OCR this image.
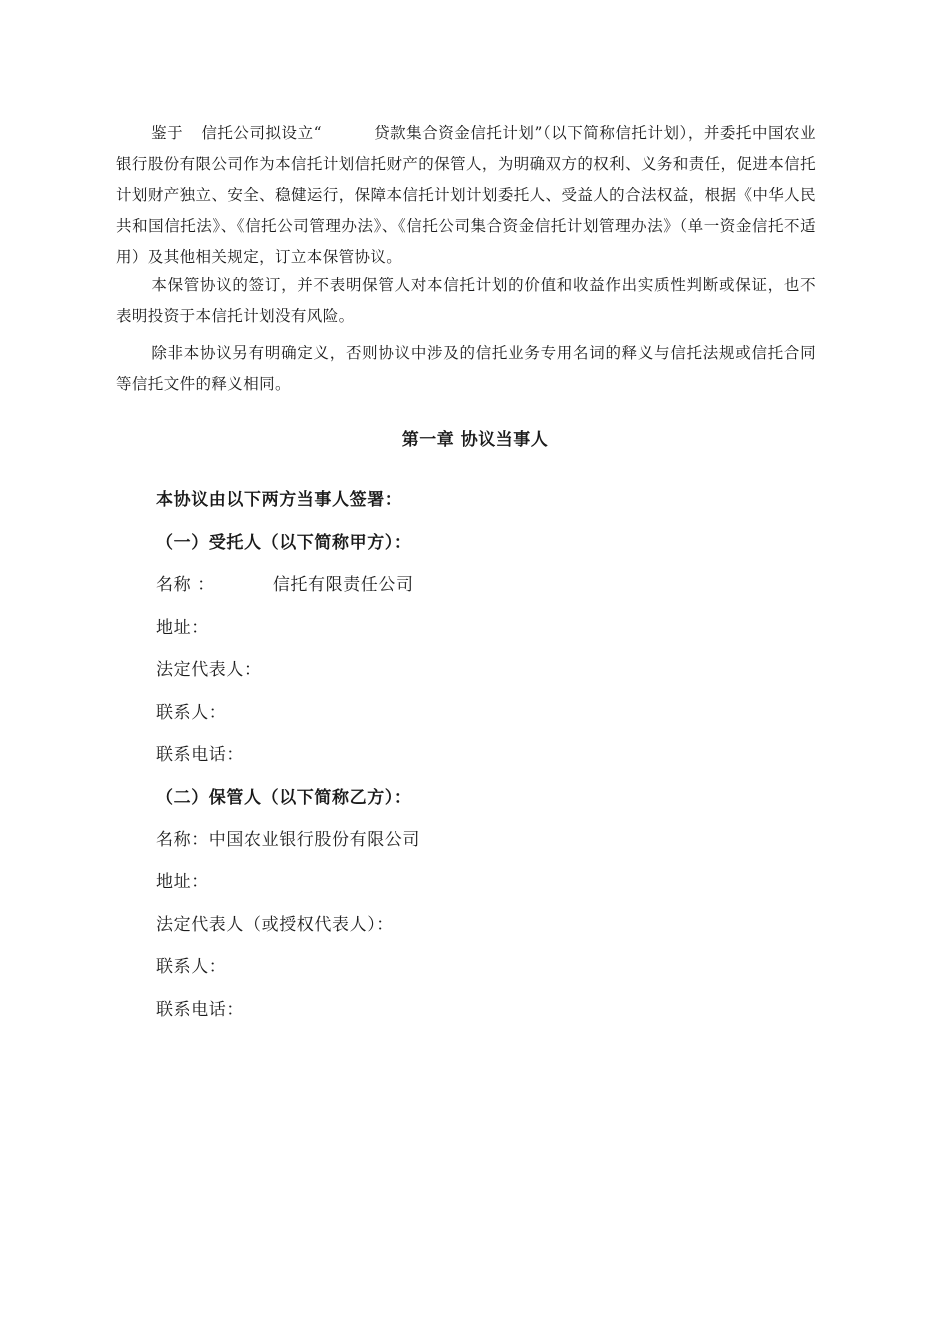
鉴于 信托公司拟设立“	贷款集合资金信托计划”（以下简称信托计划），并委托中国农业银行股份有限公司作为本信托计划信托财产的保管人，为明确双方的权利、义务和责任，促进本信托计划财产独立、安全、稳健运行，保障本信托计划计划委托人、受益人的合法权益，根据《中华人民共和国信托法》、《信托公司管理办法》、《信托公司集合资金信托计划管理办法》（单一资金信托不适用）及其他相关规定，订立本保管协议。
本保管协议的签订，并不表明保管人对本信托计划的价值和收益作出实质性判断或保证，也不表明投资于本信托计划没有风险。
除非本协议另有明确定义，否则协议中涉及的信托业务专用名词的释义与信托法规或信托合同等信托文件的释义相同。
第一章 协议当事人
本协议由以下两方当事人签署：
（一）受托人（以下简称甲方）：
名称 ：	信托有限责任公司
地址：
法定代表人：
联系人：
联系电话：
（二）保管人（以下简称乙方）：
名称：中国农业银行股份有限公司
地址：
法定代表人（或授权代表人）：
联系人：
联系电话：
